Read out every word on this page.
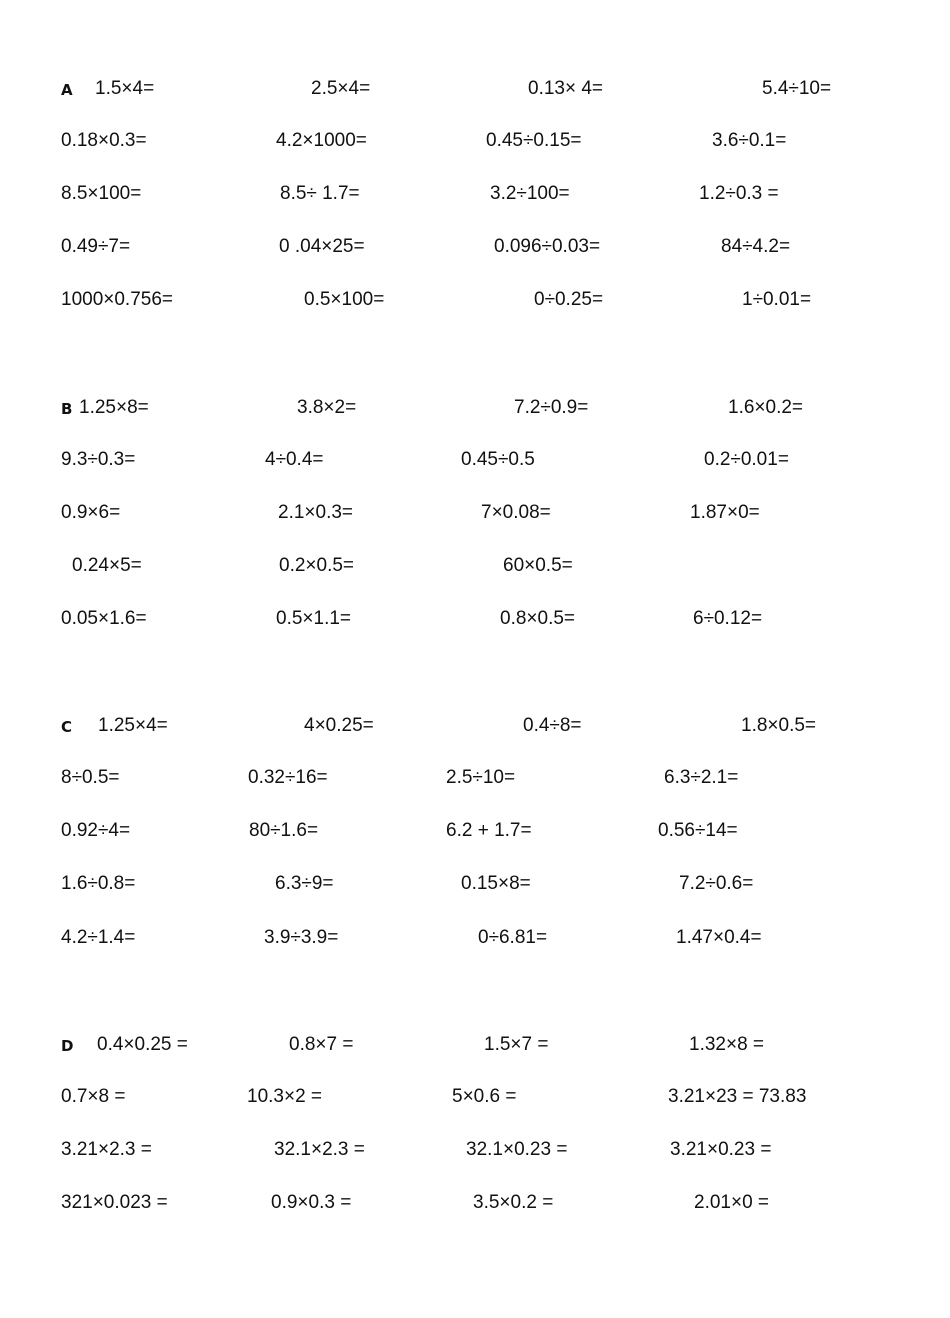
A 1.5×4=	2.5×4=	0.13× 4=	5.4÷10=
0.18×0.3=	4.2×1000=	0.45÷0.15=	3.6÷0.1=
8.5×100=	8.5÷ 1.7=	3.2÷100=	1.2÷0.3 =
0.49÷7=	0 .04×25=	0.096÷0.03=	84÷4.2=
1000×0.756=	0.5×100=	0÷0.25=	1÷0.01=
B 1.25×8=	3.8×2=	7.2÷0.9=	1.6×0.2=
9.3÷0.3=	4÷0.4=	0.45÷0.5	0.2÷0.01=
0.9×6=	2.1×0.3=	7×0.08=	1.87×0=
0.24×5=	0.2×0.5=	60×0.5=
0.05×1.6=	0.5×1.1=	0.8×0.5=	6÷0.12=
C 1.25×4=	4×0.25=	0.4÷8=	1.8×0.5=
8÷0.5=	0.32÷16=	2.5÷10=	6.3÷2.1=
0.92÷4=	80÷1.6=	6.2 + 1.7=	0.56÷14=
1.6÷0.8=	6.3÷9=	0.15×8=	7.2÷0.6=
4.2÷1.4=	3.9÷3.9=	0÷6.81=	1.47×0.4=
D 0.4×0.25 =	0.8×7 =	1.5×7 =	1.32×8 =
0.7×8 =	10.3×2 =	5×0.6 =	3.21×23 = 73.83
3.21×2.3 =	32.1×2.3 =	32.1×0.23 =	3.21×0.23 =
321×0.023 =	0.9×0.3 =	3.5×0.2 =	2.01×0 =
